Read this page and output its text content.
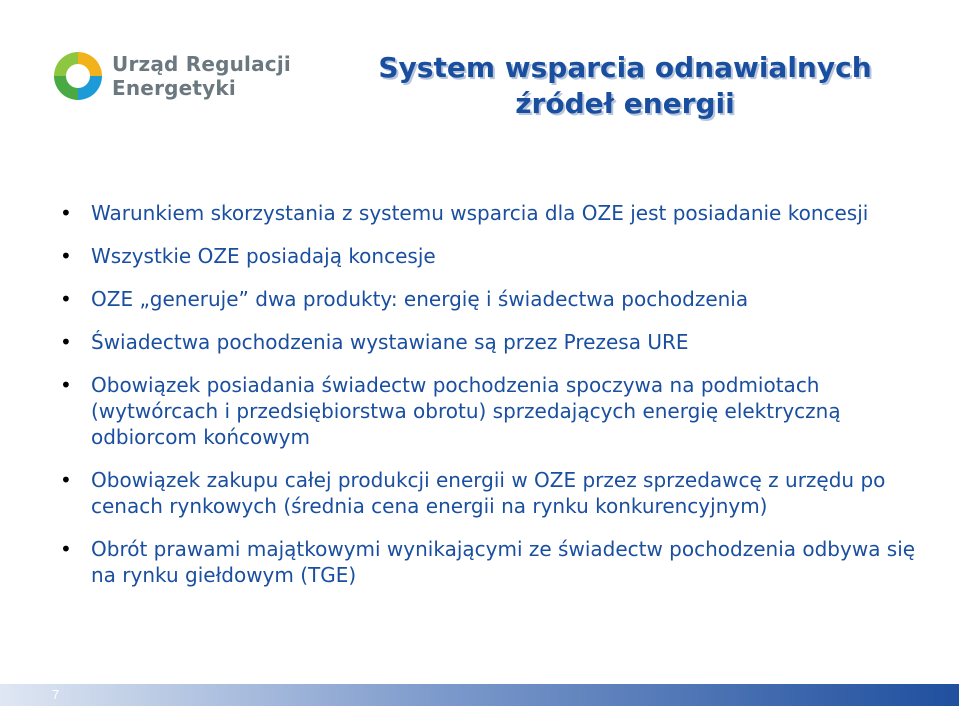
Urząd Regulacji
Energetyki
System wsparcia odnawialnych
źródeł energii
• Warunkiem skorzystania z systemu wsparcia dla OZE jest posiadanie koncesji
• Wszystkie OZE posiadają koncesje
• OZE „generuje” dwa produkty: energię i świadectwa pochodzenia
• Świadectwa pochodzenia wystawiane są przez Prezesa URE
• Obowiązek posiadania świadectw pochodzenia spoczywa na podmiotach (wytwórcach i przedsiębiorstwa obrotu) sprzedających energię elektryczną odbiorcom końcowym
• Obowiązek zakupu całej produkcji energii w OZE przez sprzedawcę z urzędu po cenach rynkowych (średnia cena energii na rynku konkurencyjnym)
• Obrót prawami majątkowymi wynikającymi ze świadectw pochodzenia odbywa się na rynku giełdowym (TGE)
7
